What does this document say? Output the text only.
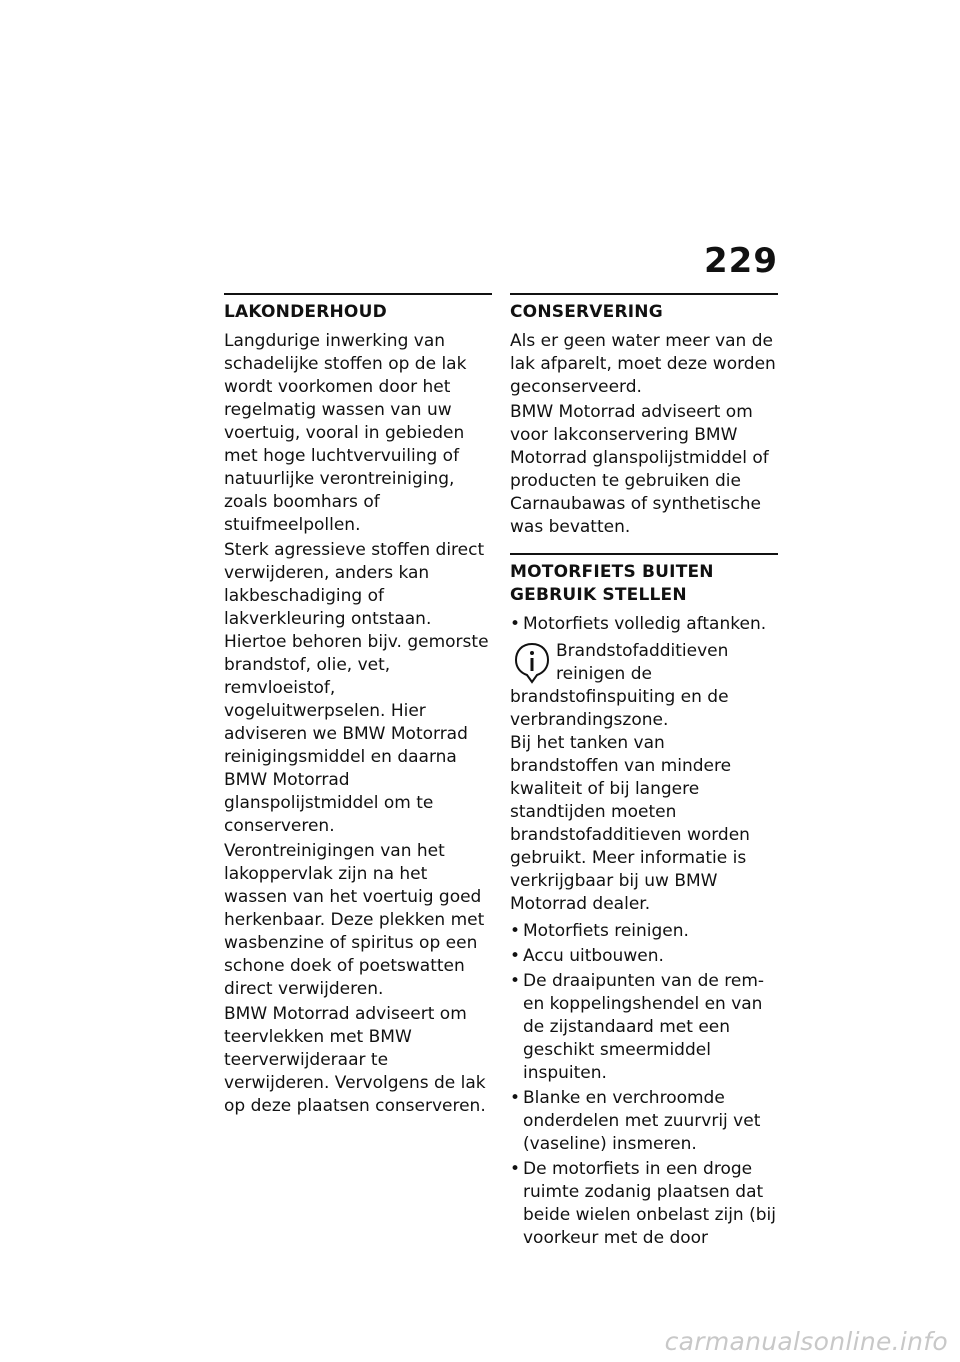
229
LAKONDERHOUD

Langdurige inwerking van schadelijke stoffen op de lak wordt voorkomen door het regelmatig wassen van uw voertuig, vooral in gebieden met hoge luchtvervuiling of natuurlijke verontreiniging, zoals boomhars of stuifmeelpollen.

Sterk agressieve stoffen direct verwijderen, anders kan lakbeschadiging of lakverkleuring ontstaan. Hiertoe behoren bijv. gemorste brandstof, olie, vet, remvloeistof, vogeluitwerpselen. Hier adviseren we BMW Motorrad reinigingsmiddel en daarna BMW Motorrad glanspolijstmiddel om te conserveren.

Verontreinigingen van het lakoppervlak zijn na het wassen van het voertuig goed herkenbaar. Deze plekken met wasbenzine of spiritus op een schone doek of poetswatten direct verwijderen.

BMW Motorrad adviseert om teervlekken met BMW teerverwijderaar te verwijderen. Vervolgens de lak op deze plaatsen conserveren.

CONSERVERING

Als er geen water meer van de lak afparelt, moet deze worden geconserveerd.

BMW Motorrad adviseert om voor lakconservering BMW Motorrad glanspolijstmiddel of producten te gebruiken die Carnaubawas of synthetische was bevatten.

MOTORFIETS BUITEN GEBRUIK STELLEN
• Motorfiets volledig aftanken.

Brandstofadditieven reinigen de brandstofinspuiting en de verbrandingszone.

Bij het tanken van brandstoffen van mindere kwaliteit of bij langere standtijden moeten brandstofadditieven worden gebruikt. Meer informatie is verkrijgbaar bij uw BMW Motorrad dealer.

• Motorfiets reinigen.
• Accu uitbouwen.
• De draaipunten van de rem- en koppelingshendel en van de zijstandaard met een geschikt smeermiddel inspuiten.
• Blanke en verchroomde onderdelen met zuurvrij vet (vaseline) insmeren.
• De motorfiets in een droge ruimte zodanig plaatsen dat beide wielen onbelast zijn (bij voorkeur met de door
carmanualsonline.info
